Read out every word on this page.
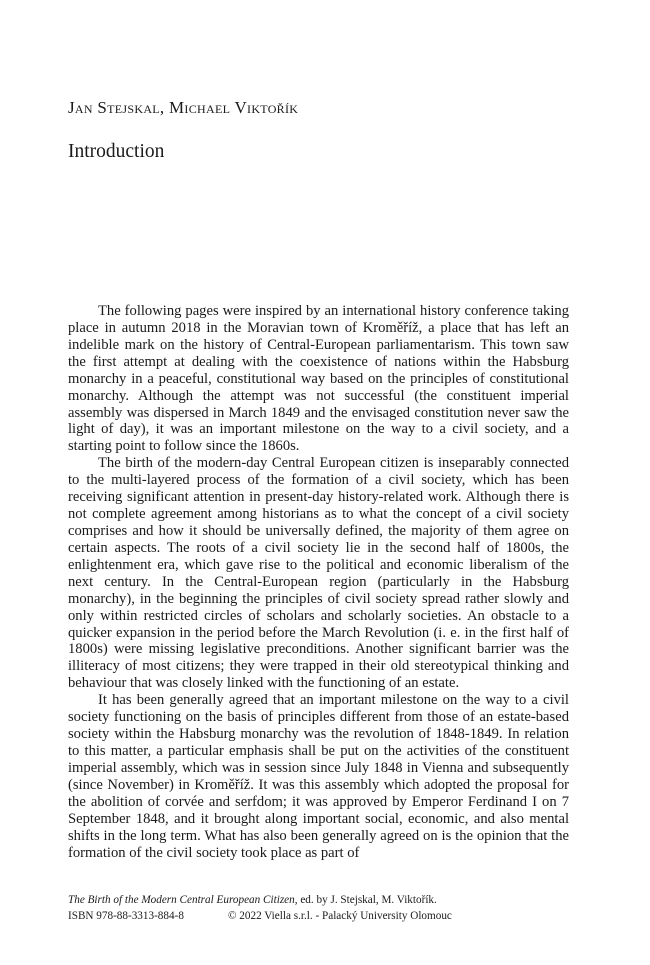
Jan Stejskal, Michael Viktořík
Introduction

The following pages were inspired by an international history conference taking place in autumn 2018 in the Moravian town of Kroměříž, a place that has left an indelible mark on the history of Central-European parliamentarism. This town saw the first attempt at dealing with the coexistence of nations within the Habsburg monarchy in a peaceful, constitutional way based on the principles of constitutional monarchy. Although the attempt was not successful (the constituent imperial assembly was dispersed in March 1849 and the envisaged constitution never saw the light of day), it was an important milestone on the way to a civil society, and a starting point to follow since the 1860s.

The birth of the modern-day Central European citizen is inseparably connected to the multi-layered process of the formation of a civil society, which has been receiving significant attention in present-day history-related work. Although there is not complete agreement among historians as to what the concept of a civil society comprises and how it should be universally defined, the majority of them agree on certain aspects. The roots of a civil society lie in the second half of 1800s, the enlightenment era, which gave rise to the political and economic liberalism of the next century. In the Central-European region (particularly in the Habsburg monarchy), in the beginning the principles of civil society spread rather slowly and only within restricted circles of scholars and scholarly societies. An obstacle to a quicker expansion in the period before the March Revolution (i. e. in the first half of 1800s) were missing legislative preconditions. Another significant barrier was the illiteracy of most citizens; they were trapped in their old stereotypical thinking and behaviour that was closely linked with the functioning of an estate.

It has been generally agreed that an important milestone on the way to a civil society functioning on the basis of principles different from those of an estate-based society within the Habsburg monarchy was the revolution of 1848-1849. In relation to this matter, a particular emphasis shall be put on the activities of the constituent imperial assembly, which was in session since July 1848 in Vienna and subsequently (since November) in Kroměříž. It was this assembly which adopted the proposal for the abolition of corvée and serfdom; it was approved by Emperor Ferdinand I on 7 September 1848, and it brought along important social, economic, and also mental shifts in the long term. What has also been generally agreed on is the opinion that the formation of the civil society took place as part of

The Birth of the Modern Central European Citizen, ed. by J. Stejskal, M. Viktořík.
ISBN 978-88-3313-884-8	© 2022 Viella s.r.l. - Palacký University Olomouc
